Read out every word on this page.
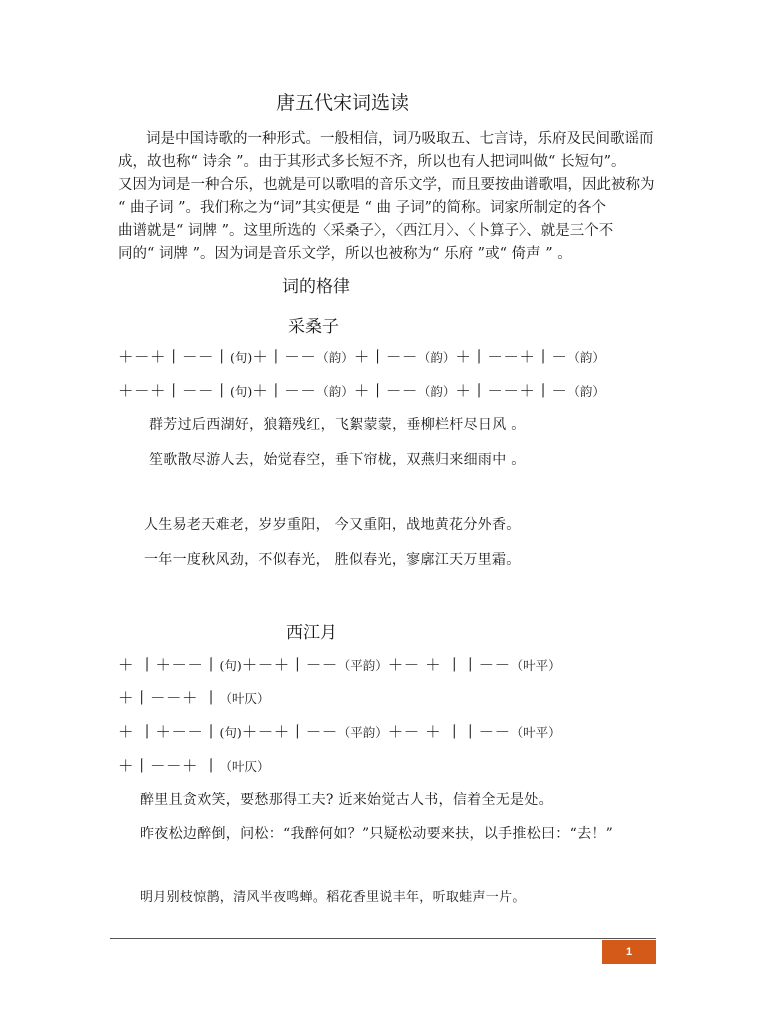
唐五代宋词选读

词是中国诗歌的一种形式。一般相信，词乃吸取五、七言诗，乐府及民间歌谣而

成，故也称“ 诗余 ”。由于其形式多长短不齐，所以也有人把词叫做“ 长短句”。

又因为词是一种合乐，也就是可以歌唱的音乐文学，而且要按曲谱歌唱，因此被称为

“ 曲子词 ”。我们称之为“词”其实便是 “ 曲 子词”的简称。词家所制定的各个

曲谱就是“ 词牌 ”。这里所选的〈采桑子〉，〈西江月〉、〈卜算子〉、就是三个不

同的“ 词牌 ”。因为词是音乐文学，所以也被称为“ 乐府 ”或“ 倚声 ” 。

词的格律
采桑子
＋－＋丨－－丨(句)＋丨－－（韵）＋丨－－（韵）＋丨－－＋丨－（韵）
＋－＋丨－－丨(句)＋丨－－（韵）＋丨－－（韵）＋丨－－＋丨－（韵）
群芳过后西湖好，狼籍残红，飞絮蒙蒙，垂柳栏杆尽日风 。
笙歌散尽游人去，始觉春空，垂下帘栊，双燕归来细雨中 。
人生易老天难老，岁岁重阳， 今又重阳，战地黄花分外香。
一年一度秋风劲，不似春光， 胜似春光，寥廓江天万里霜。
西江月
＋ 丨＋－－丨(句)＋－＋丨－－（平韵）＋－ ＋ 丨丨－－（叶平）
＋丨－－＋ 丨（叶仄）
＋ 丨＋－－丨(句)＋－＋丨－－（平韵）＋－ ＋ 丨丨－－（叶平）
＋丨－－＋ 丨（叶仄）
醉里且贪欢笑，要愁那得工夫? 近来始觉古人书，信着全无是处。
昨夜松边醉倒，问松：“我醉何如？”只疑松动要来扶，以手推松曰：“去！”
明月别枝惊鹊，清风半夜鸣蝉。稻花香里说丰年，听取蛙声一片。
1
